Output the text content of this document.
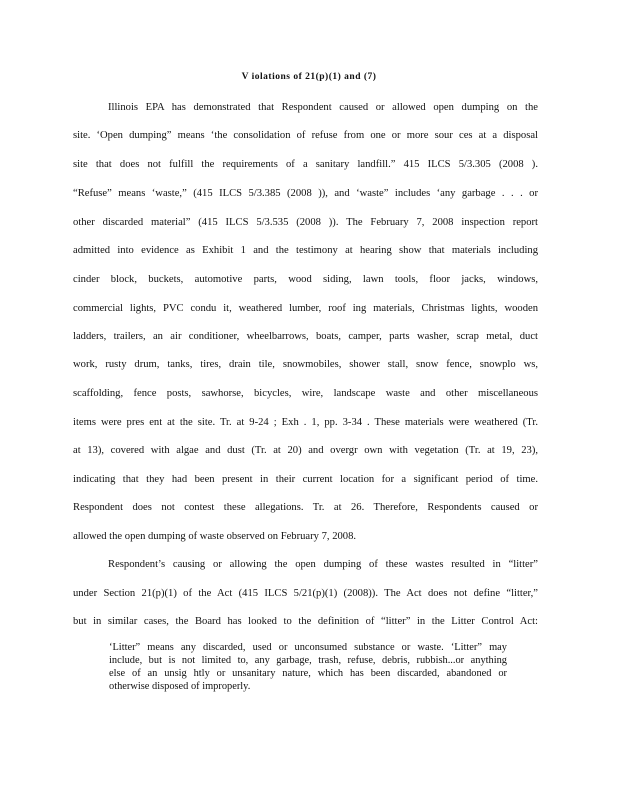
V iolations of 21(p)(1) and (7)
Illinois EPA has demonstrated that Respondent caused or allowed open dumping on the
site. ‘Open dumping” means ‘the consolidation of refuse from one or more sour ces at a disposal
site that does not fulfill the requirements of a sanitary landfill.” 415 ILCS 5/3.305 (2008 ).
“Refuse” means ‘waste,” (415 ILCS 5/3.385 (2008 )), and ‘waste” includes ‘any garbage . . . or
other discarded material” (415 ILCS 5/3.535 (2008 )). The February 7, 2008 inspection report
admitted into evidence as Exhibit 1 and the testimony at hearing show that materials including
cinder block, buckets, automotive parts, wood siding, lawn tools, floor jacks, windows,
commercial lights, PVC condu it, weathered lumber, roof ing materials, Christmas lights, wooden
ladders, trailers, an air conditioner, wheelbarrows, boats, camper, parts washer, scrap metal, duct
work, rusty drum, tanks, tires, drain tile, snowmobiles, shower stall, snow fence, snowplo ws,
scaffolding, fence posts, sawhorse, bicycles, wire, landscape waste and other miscellaneous
items were pres ent at the site. Tr. at 9-24 ; Exh . 1, pp. 3-34 . These materials were weathered (Tr.
at 13), covered with algae and dust (Tr. at 20) and overgr own with vegetation (Tr. at 19, 23),
indicating that they had been present in their current location for a significant period of time.
Respondent does not contest these allegations. Tr. at 26. Therefore, Respondents caused or
allowed the open dumping of waste observed on February 7, 2008.
Respondent’s causing or allowing the open dumping of these wastes resulted in “litter”
under Section 21(p)(1) of the Act (415 ILCS 5/21(p)(1) (2008)). The Act does not define “litter,”
but in similar cases, the Board has looked to the definition of “litter” in the Litter Control Act:
‘Litter” means any discarded, used or unconsumed substance or waste. ‘Litter” may
include, but is not limited to, any garbage, trash, refuse, debris, rubbish...or anything
else of an unsig htly or unsanitary nature, which has been discarded, abandoned or
otherwise disposed of improperly.
